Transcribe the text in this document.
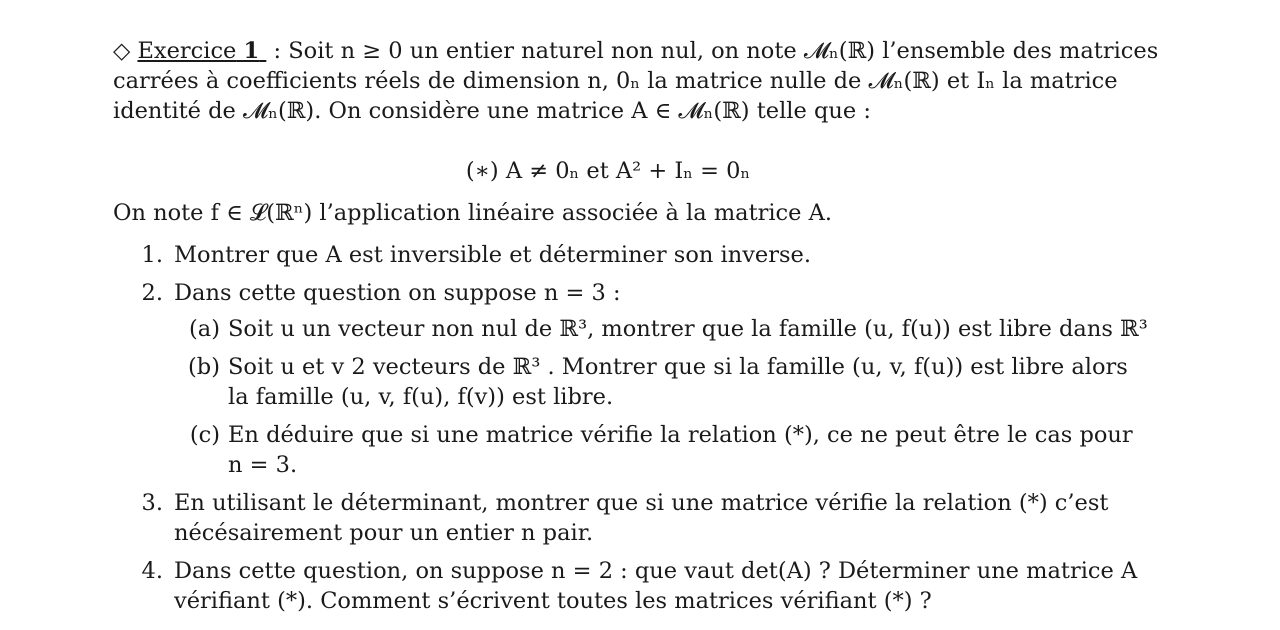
◇ Exercice 1 : Soit n ≥ 0 un entier naturel non nul, on note 𝓜ₙ(ℝ) l’ensemble des matrices
carrées à coefficients réels de dimension n, 0ₙ la matrice nulle de 𝓜ₙ(ℝ) et Iₙ la matrice
identité de 𝓜ₙ(ℝ). On considère une matrice A ∈ 𝓜ₙ(ℝ) telle que :
(∗) A ≠ 0ₙ et A² + Iₙ = 0ₙ
On note f ∈ 𝓛(ℝⁿ) l’application linéaire associée à la matrice A.
1. Montrer que A est inversible et déterminer son inverse.
2. Dans cette question on suppose n = 3 :
(a) Soit u un vecteur non nul de ℝ³, montrer que la famille (u, f(u)) est libre dans ℝ³
(b) Soit u et v 2 vecteurs de ℝ³ . Montrer que si la famille (u, v, f(u)) est libre alors
la famille (u, v, f(u), f(v)) est libre.
(c) En déduire que si une matrice vérifie la relation (*), ce ne peut être le cas pour
n = 3.
3. En utilisant le déterminant, montrer que si une matrice vérifie la relation (*) c’est
nécésairement pour un entier n pair.
4. Dans cette question, on suppose n = 2 : que vaut det(A) ? Déterminer une matrice A
vérifiant (*). Comment s’écrivent toutes les matrices vérifiant (*) ?
